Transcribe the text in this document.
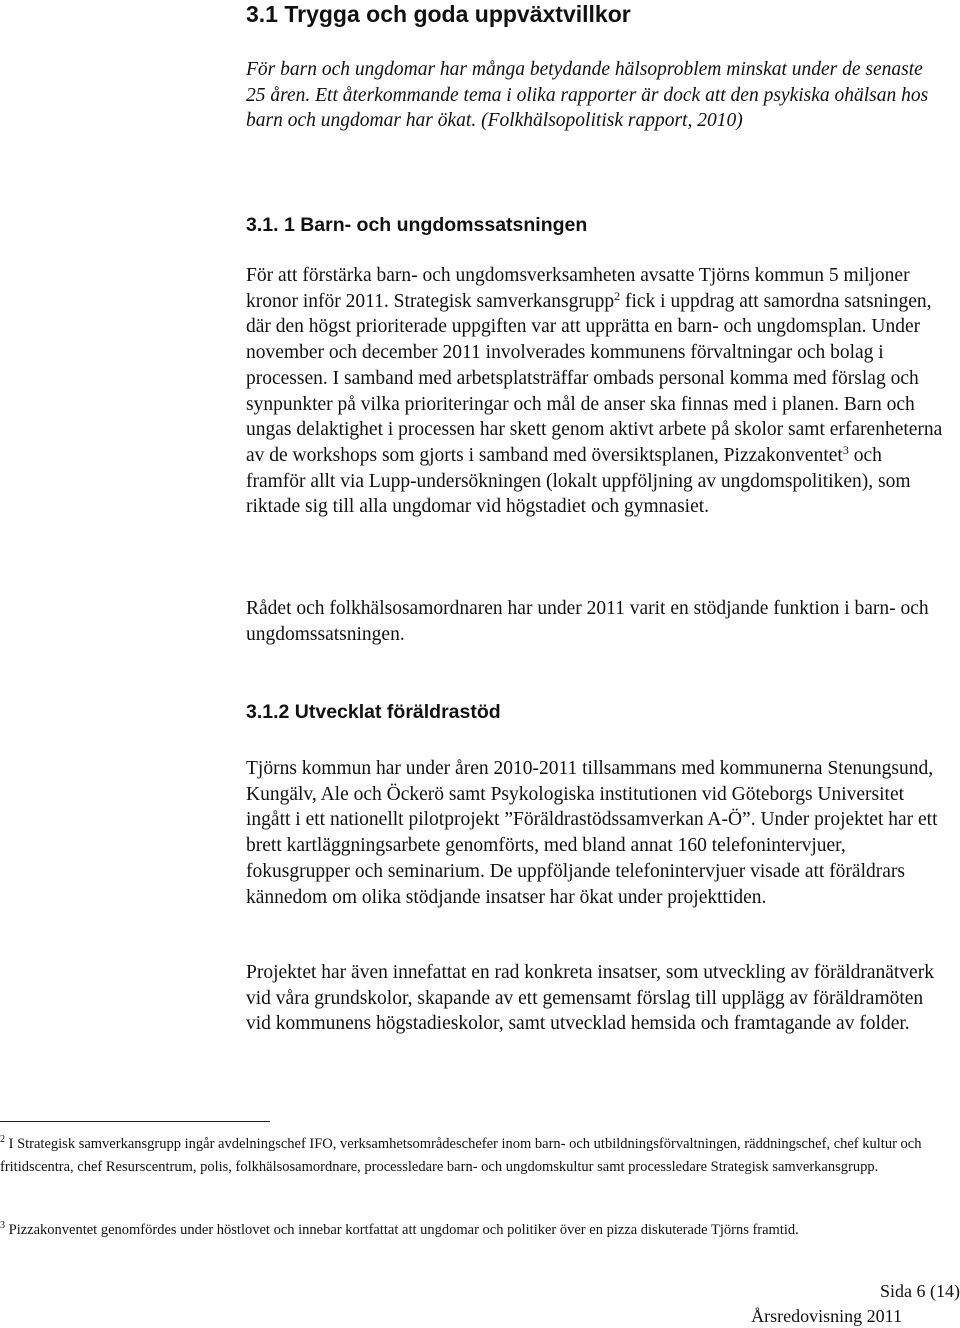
3.1 Trygga och goda uppväxtvillkor
För barn och ungdomar har många betydande hälsoproblem minskat under de senaste 25 åren. Ett återkommande tema i olika rapporter är dock att den psykiska ohälsan hos barn och ungdomar har ökat. (Folkhälsopolitisk rapport, 2010)
3.1. 1 Barn- och ungdomssatsningen
För att förstärka barn- och ungdomsverksamheten avsatte Tjörns kommun 5 miljoner kronor inför 2011. Strategisk samverkansgrupp$^2$ fick i uppdrag att samordna satsningen, där den högst prioriterade uppgiften var att upprätta en barn- och ungdomsplan. Under november och december 2011 involverades kommunens förvaltningar och bolag i processen. I samband med arbetsplatsträffar ombads personal komma med förslag och synpunkter på vilka prioriteringar och mål de anser ska finnas med i planen. Barn och ungas delaktighet i processen har skett genom aktivt arbete på skolor samt erfarenheterna av de workshops som gjorts i samband med översiktsplanen, Pizzakonventet$^3$ och framför allt via Lupp-undersökningen (lokalt uppföljning av ungdomspolitiken), som riktade sig till alla ungdomar vid högstadiet och gymnasiet.
Rådet och folkhälsosamordnaren har under 2011 varit en stödjande funktion i barn- och ungdomssatsningen.
3.1.2 Utvecklat föräldrastöd
Tjörns kommun har under åren 2010-2011 tillsammans med kommunerna Stenungsund, Kungälv, Ale och Öckerö samt Psykologiska institutionen vid Göteborgs Universitet ingått i ett nationellt pilotprojekt ”Föräldrastödssamverkan A-Ö”. Under projektet har ett brett kartläggningsarbete genomförts, med bland annat 160 telefonintervjuer, fokusgrupper och seminarium. De uppföljande telefonintervjuer visade att föräldrars kännedom om olika stödjande insatser har ökat under projekttiden.
Projektet har även innefattat en rad konkreta insatser, som utveckling av föräldranätverk vid våra grundskolor, skapande av ett gemensamt förslag till upplägg av föräldramöten vid kommunens högstadieskolor, samt utvecklad hemsida och framtagande av folder.
$^2$ I Strategisk samverkansgrupp ingår avdelningschef IFO, verksamhetsområdeschefer inom barn- och utbildningsförvaltningen, räddningschef, chef kultur och fritidscentra, chef Resurscentrum, polis, folkhälsosamordnare, processledare barn- och ungdomskultur samt processledare Strategisk samverkansgrupp.
$^3$ Pizzakonventet genomfördes under höstlovet och innebar kortfattat att ungdomar och politiker över en pizza diskuterade Tjörns framtid.
Sida 6 (14)
Årsredovisning 2011
